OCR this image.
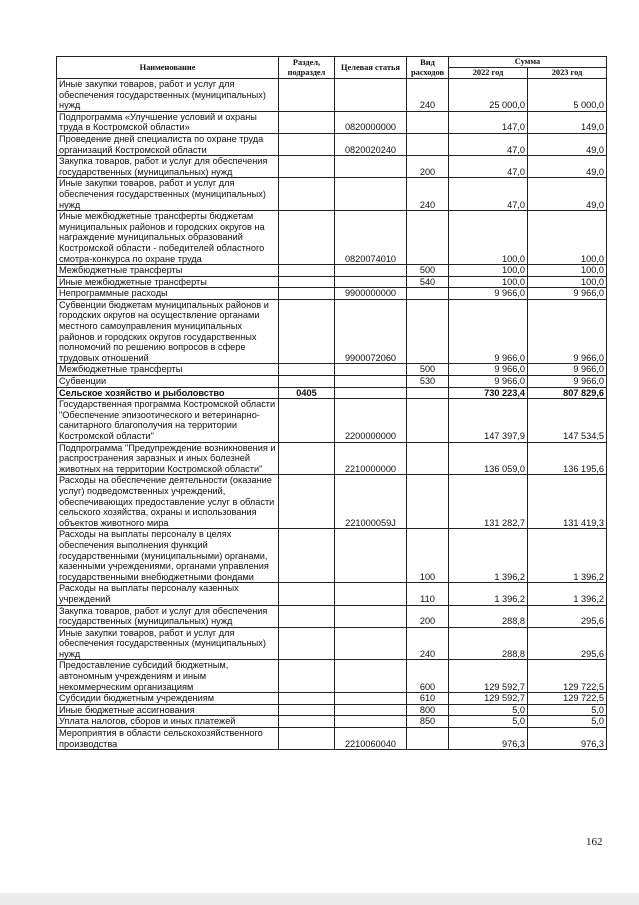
Наименование	Раздел, подраздел	Целевая статья	Вид расходов	Сумма	
				2022 год	2023 год
Иные закупки товаров, работ и услуг для обеспечения государственных (муниципальных) нужд			240	25 000,0	5 000,0
Подпрограмма «Улучшение условий и охраны труда в Костромской области»		0820000000		147,0	149,0
Проведение дней специалиста по охране труда организаций Костромской области		0820020240		47,0	49,0
Закупка товаров, работ и услуг для обеспечения государственных (муниципальных) нужд			200	47,0	49,0
Иные закупки товаров, работ и услуг для обеспечения государственных (муниципальных) нужд			240	47,0	49,0
Иные межбюджетные трансферты бюджетам муниципальных районов и городских округов на награждение муниципальных образований Костромской области - победителей областного смотра-конкурса по охране труда		0820074010		100,0	100,0
Межбюджетные трансферты			500	100,0	100,0
Иные межбюджетные трансферты			540	100,0	100,0
Непрограммные расходы		9900000000		9 966,0	9 966,0
Субвенции бюджетам муниципальных районов и городских округов на осуществление органами местного самоуправления муниципальных районов и городских округов государственных полномочий по решению вопросов в сфере трудовых отношений		9900072060		9 966,0	9 966,0
Межбюджетные трансферты			500	9 966,0	9 966,0
Субвенции			530	9 966,0	9 966,0
Сельское хозяйство и рыболовство	0405			730 223,4	807 829,6
Государственная программа Костромской области "Обеспечение эпизоотического и ветеринарно-санитарного благополучия на территории Костромской области"		2200000000		147 397,9	147 534,5
Подпрограмма "Предупреждение возникновения и распространения заразных и иных болезней животных на территории Костромской области"		2210000000		136 059,0	136 195,6
Расходы на обеспечение деятельности (оказание услуг) подведомственных учреждений, обеспечивающих предоставление услуг в области сельского хозяйства, охраны и использования объектов животного мира		221000059Ј		131 282,7	131 419,3
Расходы на выплаты персоналу в целях обеспечения выполнения функций государственными (муниципальными) органами, казенными учреждениями, органами управления государственными внебюджетными фондами			100	1 396,2	1 396,2
Расходы на выплаты персоналу казенных учреждений			110	1 396,2	1 396,2
Закупка товаров, работ и услуг для обеспечения государственных (муниципальных) нужд			200	288,8	295,6
Иные закупки товаров, работ и услуг для обеспечения государственных (муниципальных) нужд			240	288,8	295,6
Предоставление субсидий бюджетным, автономным учреждениям и иным некоммерческим организациям			600	129 592,7	129 722,5
Субсидии бюджетным учреждениям			610	129 592,7	129 722,5
Иные бюджетные ассигнования			800	5,0	5,0
Уплата налогов, сборов и иных платежей			850	5,0	5,0
Мероприятия в области сельскохозяйственного производства		2210060040		976,3	976,3
162
